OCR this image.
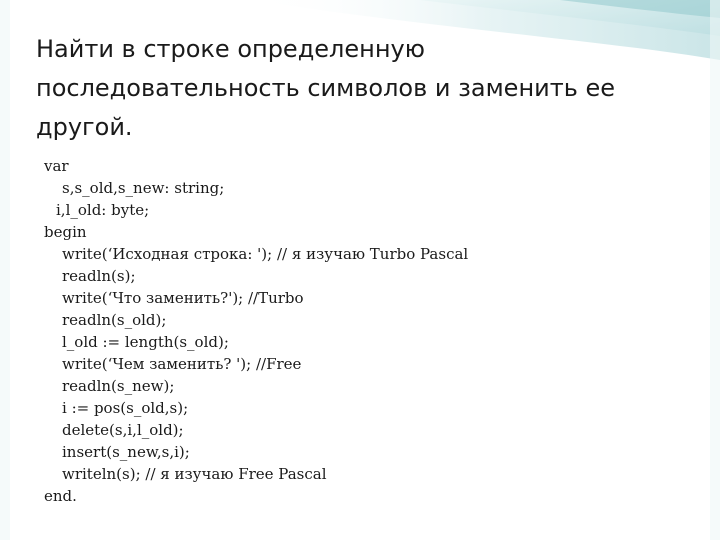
Найти в строке определенную
последовательность символов и заменить ее
другой.
var
s,s_old,s_new: string;
i,l_old: byte;
begin
write(‘Исходная строка: '); // я изучаю Turbo Pascal
readln(s);
write(‘Что заменить?'); //Turbo
readln(s_old);
l_old := length(s_old);
write(‘Чем заменить? '); //Free
readln(s_new);
i := pos(s_old,s);
delete(s,i,l_old);
insert(s_new,s,i);
writeln(s); // я изучаю Free Pascal
end.
